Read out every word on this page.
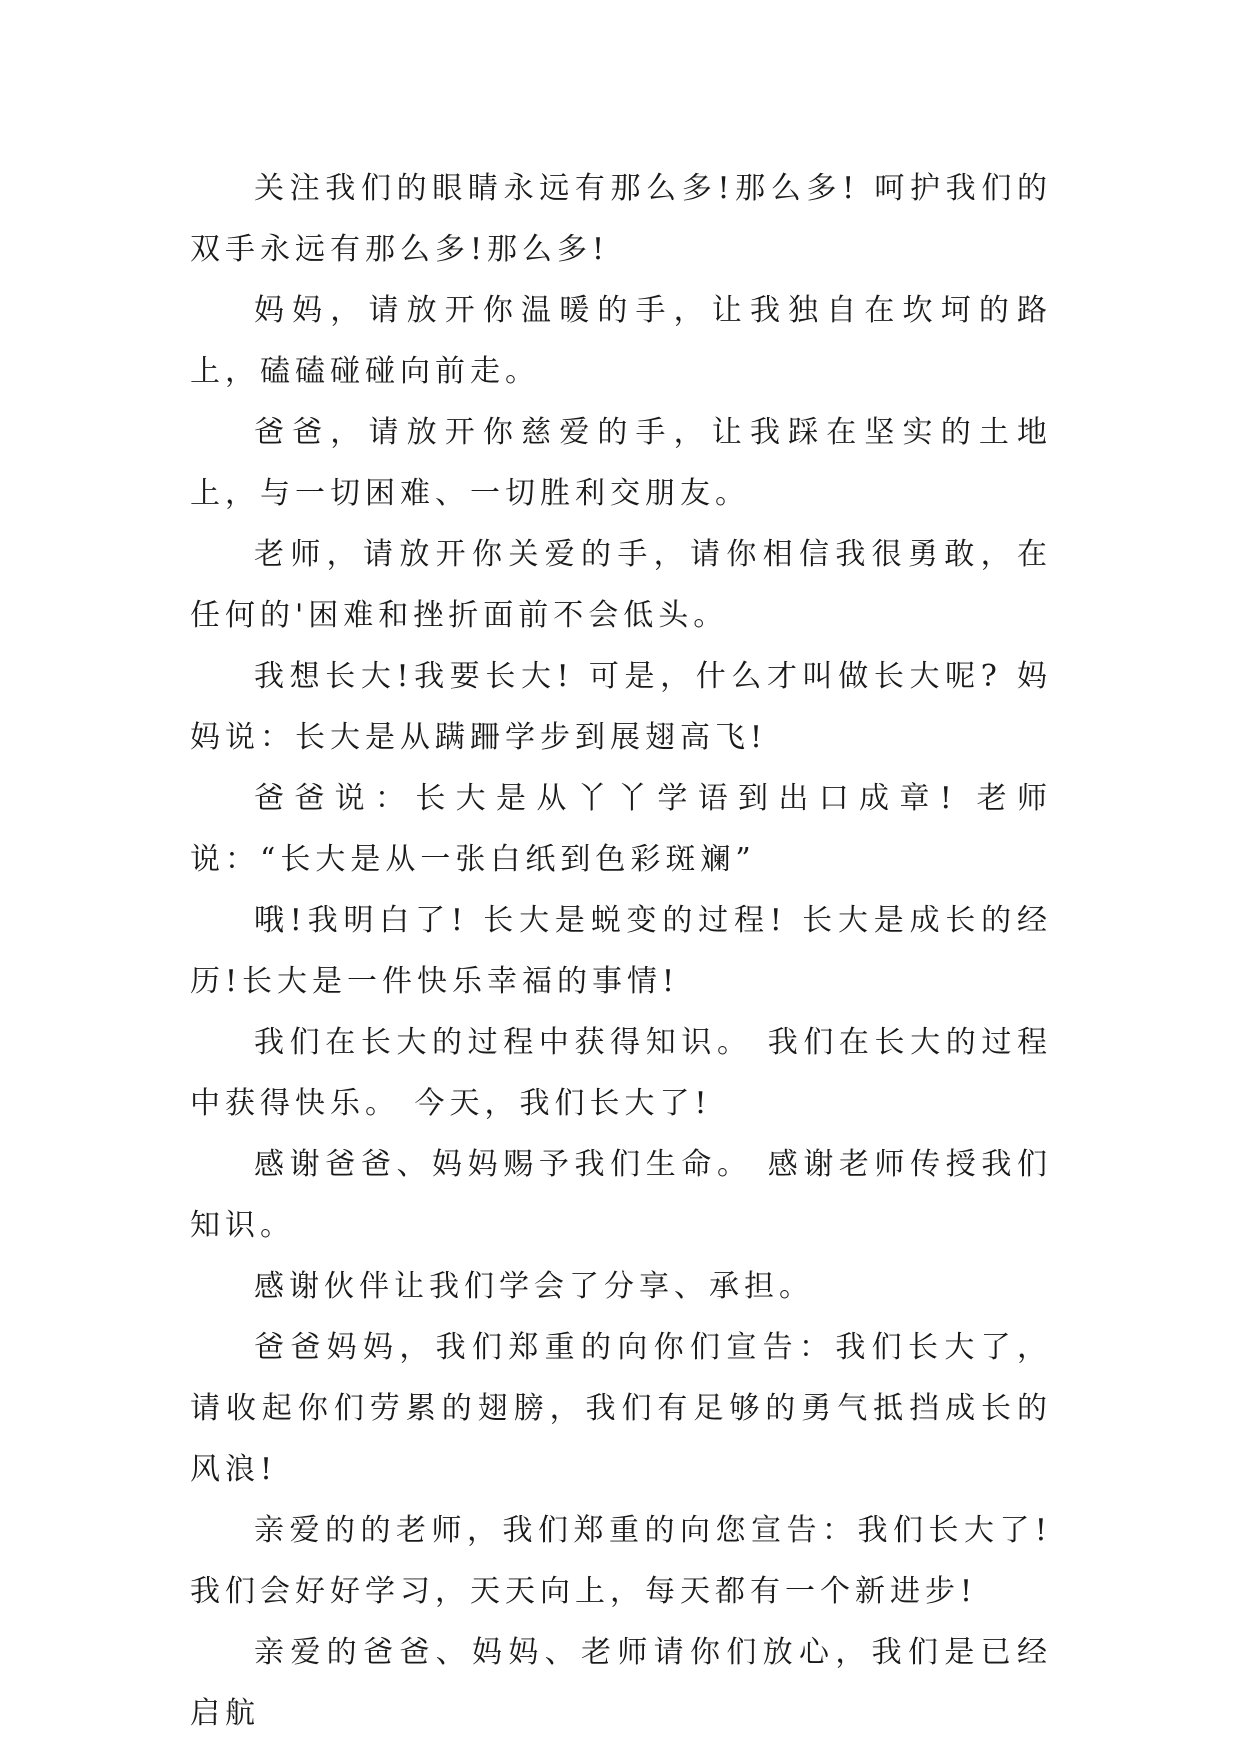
关注我们的眼睛永远有那么多!那么多! 呵护我们的双手永远有那么多!那么多!

妈妈，请放开你温暖的手，让我独自在坎坷的路上，磕磕碰碰向前走。

爸爸，请放开你慈爱的手，让我踩在坚实的土地上，与一切困难、一切胜利交朋友。

老师，请放开你关爱的手，请你相信我很勇敢，在任何的'困难和挫折面前不会低头。

我想长大!我要长大! 可是，什么才叫做长大呢? 妈妈说：长大是从蹒跚学步到展翅高飞!

爸爸说：长大是从丫丫学语到出口成章! 老师说：“长大是从一张白纸到色彩斑斓”

哦!我明白了! 长大是蜕变的过程! 长大是成长的经历!长大是一件快乐幸福的事情!

我们在长大的过程中获得知识。 我们在长大的过程中获得快乐。 今天，我们长大了!

感谢爸爸、妈妈赐予我们生命。 感谢老师传授我们知识。

感谢伙伴让我们学会了分享、承担。

爸爸妈妈，我们郑重的向你们宣告：我们长大了，请收起你们劳累的翅膀，我们有足够的勇气抵挡成长的风浪!

亲爱的的老师，我们郑重的向您宣告：我们长大了!我们会好好学习，天天向上，每天都有一个新进步!

亲爱的爸爸、妈妈、老师请你们放心，我们是已经启航
